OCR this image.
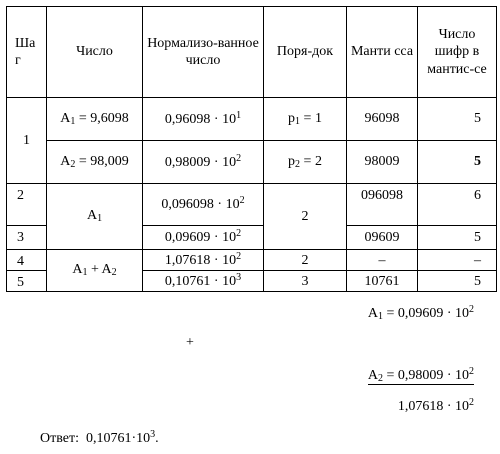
Ша г	Число	Нормализо-ванное число	Поря-док	Манти сса	Число шифр в мантис-се
1	$A_1 = 9,6098$	$0,96098 \cdot 10^1$	$p_1 = 1$	96098	5
	$A_2 = 98,009$	$0,98009 \cdot 10^2$	$p_2 = 2$	98009	5
2	$A_1$	$0,096098 \cdot 10^2$	2	096098	6
3		$0,09609 \cdot 10^2$		09609	5
4	$A_1 + A_2$	$1,07618 \cdot 10^2$	2	–	–
5		$0,10761 \cdot 10^3$	3	10761	5
$A_1 = 0,09609 \cdot 10^2$
+
$A_2 = 0,98009 \cdot 10^2$
$1,07618 \cdot 10^2$
Ответ: $0,10761\cdot 10^3$.
